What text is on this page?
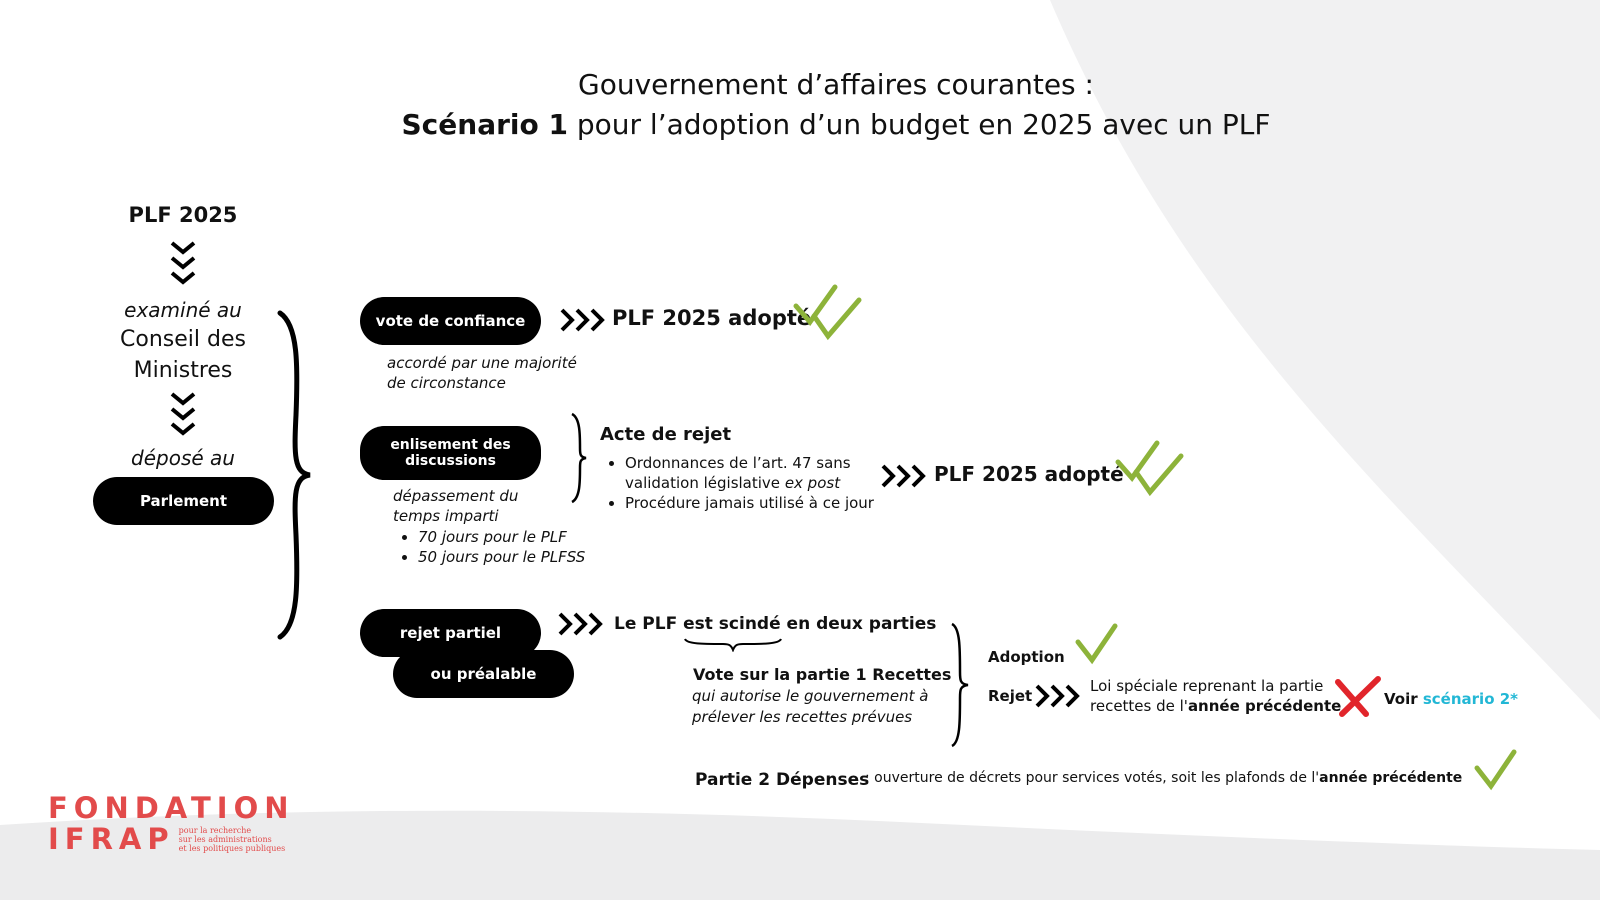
Gouvernement d’affaires courantes :
Scénario 1 pour l’adoption d’un budget en 2025 avec un PLF
PLF 2025
examiné au
Conseil des
Ministres
déposé au
Parlement
vote de confiance
accordé par une majorité
de circonstance
PLF 2025 adopté
enlisement des
discussions
dépassement du
temps imparti
• 70 jours pour le PLF
• 50 jours pour le PLFSS
Acte de rejet
• Ordonnances de l’art. 47 sans
validation législative ex post
• Procédure jamais utilisé à ce jour
PLF 2025 adopté
rejet partiel
ou préalable
Le PLF est scindé en deux parties
Vote sur la partie 1 Recettes
qui autorise le gouvernement à
prélever les recettes prévues
Adoption
Rejet
Loi spéciale reprenant la partie
recettes de l'année précédente	Voir scénario 2*
Partie 2 Dépenses
: ouverture de décrets pour services votés, soit les plafonds de l'année précédente
FONDATION
IFRAP pour la recherche
sur les administrations
et les politiques publiques
